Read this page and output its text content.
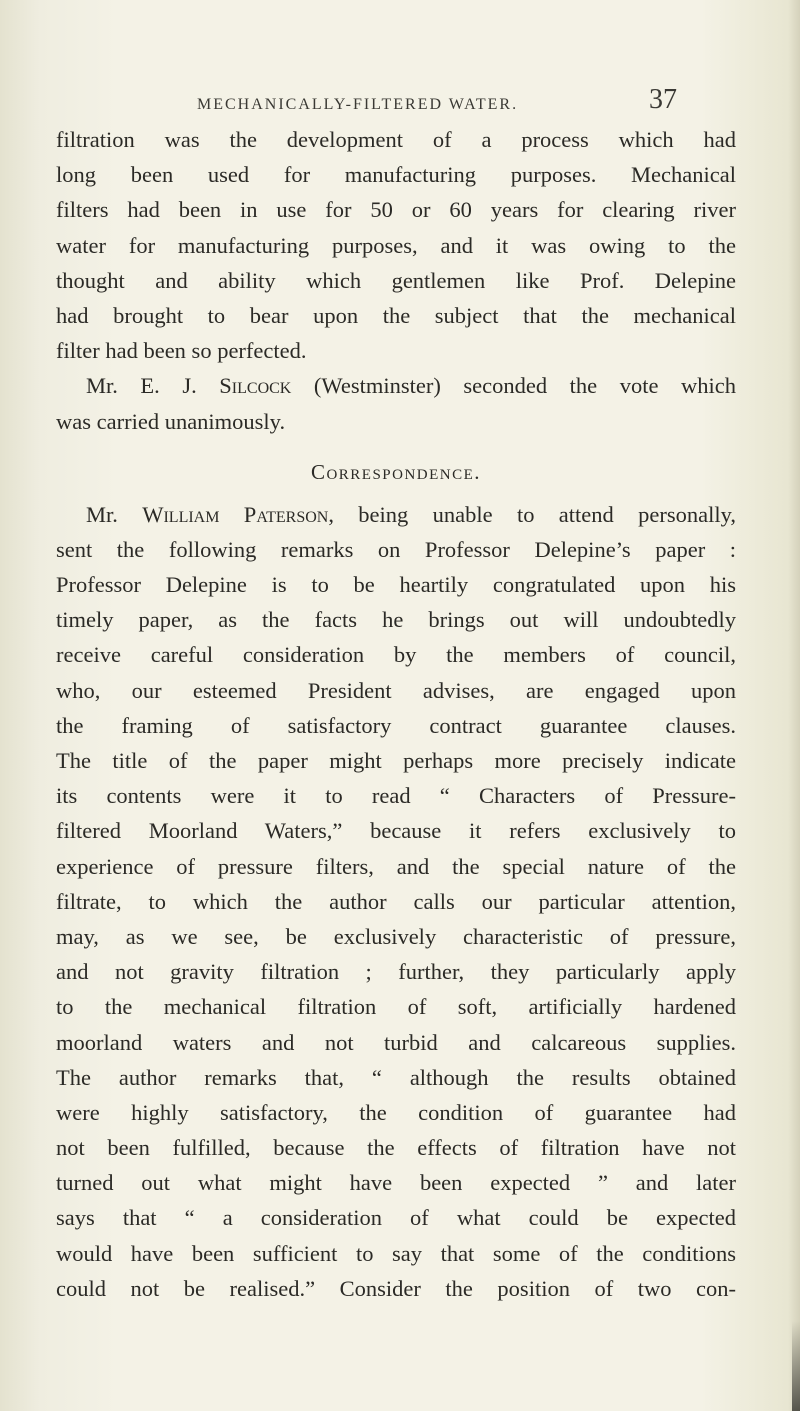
MECHANICALLY-FILTERED WATER.	37
filtration was the development of a process which had
long been used for manufacturing purposes. Mechanical
filters had been in use for 50 or 60 years for clearing river
water for manufacturing purposes, and it was owing to the
thought and ability which gentlemen like Prof. Delepine
had brought to bear upon the subject that the mechanical
filter had been so perfected.
Mr. E. J. Silcock (Westminster) seconded the vote which
was carried unanimously.
Correspondence.
Mr. William Paterson, being unable to attend personally,
sent the following remarks on Professor Delepine’s paper :
Professor Delepine is to be heartily congratulated upon his
timely paper, as the facts he brings out will undoubtedly
receive careful consideration by the members of council,
who, our esteemed President advises, are engaged upon
the framing of satisfactory contract guarantee clauses.
The title of the paper might perhaps more precisely indicate
its contents were it to read “ Characters of Pressure-
filtered Moorland Waters,” because it refers exclusively to
experience of pressure filters, and the special nature of the
filtrate, to which the author calls our particular attention,
may, as we see, be exclusively characteristic of pressure,
and not gravity filtration ; further, they particularly apply
to the mechanical filtration of soft, artificially hardened
moorland waters and not turbid and calcareous supplies.
The author remarks that, “ although the results obtained
were highly satisfactory, the condition of guarantee had
not been fulfilled, because the effects of filtration have not
turned out what might have been expected ” and later
says that “ a consideration of what could be expected
would have been sufficient to say that some of the conditions
could not be realised.” Consider the position of two con-
